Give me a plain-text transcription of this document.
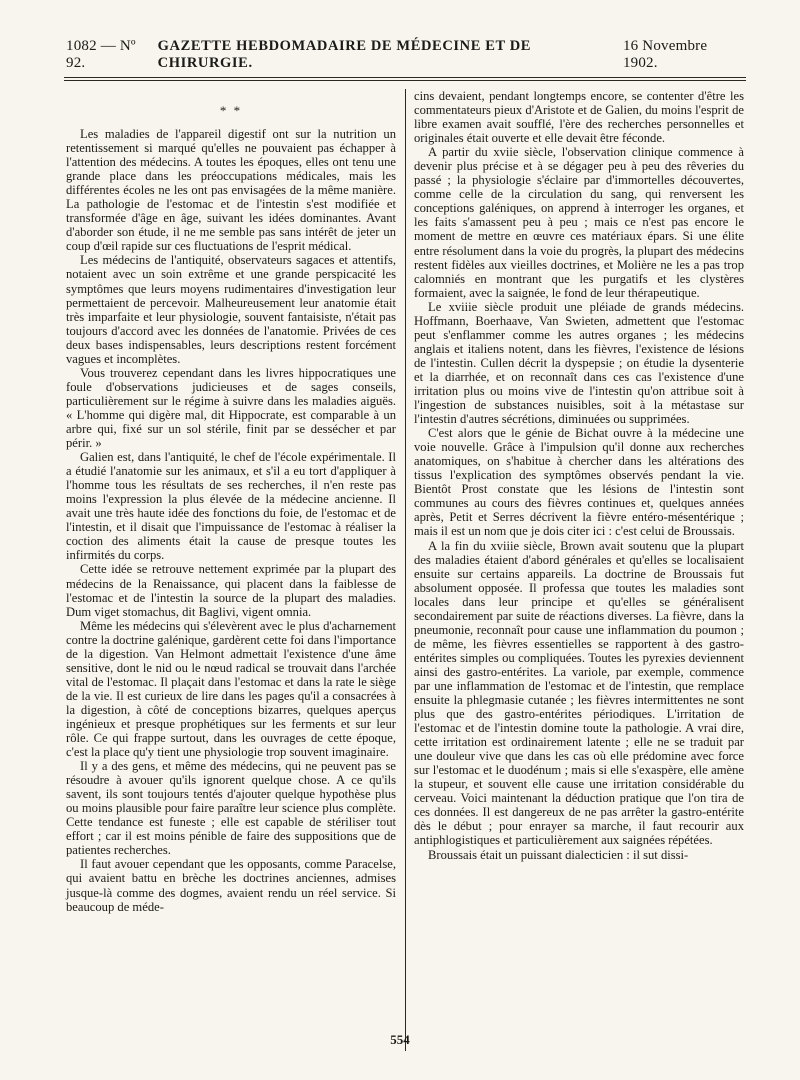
1082 — Nº 92.
GAZETTE HEBDOMADAIRE DE MÉDECINE ET DE CHIRURGIE.
16 Novembre 1902.
* *

Les maladies de l'appareil digestif ont sur la nutrition un retentissement si marqué qu'elles ne pouvaient pas échapper à l'attention des médecins. A toutes les époques, elles ont tenu une grande place dans les préoccupations médicales, mais les différentes écoles ne les ont pas envisagées de la même manière. La pathologie de l'estomac et de l'intestin s'est modifiée et transformée d'âge en âge, suivant les idées dominantes. Avant d'aborder son étude, il ne me semble pas sans intérêt de jeter un coup d'œil rapide sur ces fluctuations de l'esprit médical.

Les médecins de l'antiquité, observateurs sagaces et attentifs, notaient avec un soin extrême et une grande perspicacité les symptômes que leurs moyens rudimentaires d'investigation leur permettaient de percevoir. Malheureusement leur anatomie était très imparfaite et leur physiologie, souvent fantaisiste, n'était pas toujours d'accord avec les données de l'anatomie. Privées de ces deux bases indispensables, leurs descriptions restent forcément vagues et incomplètes.

Vous trouverez cependant dans les livres hippocratiques une foule d'observations judicieuses et de sages conseils, particulièrement sur le régime à suivre dans les maladies aiguës. « L'homme qui digère mal, dit Hippocrate, est comparable à un arbre qui, fixé sur un sol stérile, finit par se dessécher et par périr. »

Galien est, dans l'antiquité, le chef de l'école expérimentale. Il a étudié l'anatomie sur les animaux, et s'il a eu tort d'appliquer à l'homme tous les résultats de ses recherches, il n'en reste pas moins l'expression la plus élevée de la médecine ancienne. Il avait une très haute idée des fonctions du foie, de l'estomac et de l'intestin, et il disait que l'impuissance de l'estomac à réaliser la coction des aliments était la cause de presque toutes les infirmités du corps.

Cette idée se retrouve nettement exprimée par la plupart des médecins de la Renaissance, qui placent dans la faiblesse de l'estomac et de l'intestin la source de la plupart des maladies. Dum viget stomachus, dit Baglivi, vigent omnia.

Même les médecins qui s'élevèrent avec le plus d'acharnement contre la doctrine galénique, gardèrent cette foi dans l'importance de la digestion. Van Helmont admettait l'existence d'une âme sensitive, dont le nid ou le nœud radical se trouvait dans l'archée vital de l'estomac. Il plaçait dans l'estomac et dans la rate le siège de la vie. Il est curieux de lire dans les pages qu'il a consacrées à la digestion, à côté de conceptions bizarres, quelques aperçus ingénieux et presque prophétiques sur les ferments et sur leur rôle. Ce qui frappe surtout, dans les ouvrages de cette époque, c'est la place qu'y tient une physiologie trop souvent imaginaire.

Il y a des gens, et même des médecins, qui ne peuvent pas se résoudre à avouer qu'ils ignorent quelque chose. A ce qu'ils savent, ils sont toujours tentés d'ajouter quelque hypothèse plus ou moins plausible pour faire paraître leur science plus complète. Cette tendance est funeste ; elle est capable de stériliser tout effort ; car il est moins pénible de faire des suppositions que de patientes recherches.

Il faut avouer cependant que les opposants, comme Paracelse, qui avaient battu en brèche les doctrines anciennes, admises jusque-là comme des dogmes, avaient rendu un réel service. Si beaucoup de méde-

cins devaient, pendant longtemps encore, se contenter d'être les commentateurs pieux d'Aristote et de Galien, du moins l'esprit de libre examen avait soufflé, l'ère des recherches personnelles et originales était ouverte et elle devait être féconde.

A partir du xviie siècle, l'observation clinique commence à devenir plus précise et à se dégager peu à peu des rêveries du passé ; la physiologie s'éclaire par d'immortelles découvertes, comme celle de la circulation du sang, qui renversent les conceptions galéniques, on apprend à interroger les organes, et les faits s'amassent peu à peu ; mais ce n'est pas encore le moment de mettre en œuvre ces matériaux épars. Si une élite entre résolument dans la voie du progrès, la plupart des médecins restent fidèles aux vieilles doctrines, et Molière ne les a pas trop calomniés en montrant que les purgatifs et les clystères formaient, avec la saignée, le fond de leur thérapeutique.

Le xviiie siècle produit une pléiade de grands médecins. Hoffmann, Boerhaave, Van Swieten, admettent que l'estomac peut s'enflammer comme les autres organes ; les médecins anglais et italiens notent, dans les fièvres, l'existence de lésions de l'intestin. Cullen décrit la dyspepsie ; on étudie la dysenterie et la diarrhée, et on reconnaît dans ces cas l'existence d'une irritation plus ou moins vive de l'intestin qu'on attribue soit à l'ingestion de substances nuisibles, soit à la métastase sur l'intestin d'autres sécrétions, diminuées ou supprimées.

C'est alors que le génie de Bichat ouvre à la médecine une voie nouvelle. Grâce à l'impulsion qu'il donne aux recherches anatomiques, on s'habitue à chercher dans les altérations des tissus l'explication des symptômes observés pendant la vie. Bientôt Prost constate que les lésions de l'intestin sont communes au cours des fièvres continues et, quelques années après, Petit et Serres décrivent la fièvre entéro-mésentérique ; mais il est un nom que je dois citer ici : c'est celui de Broussais.

A la fin du xviiie siècle, Brown avait soutenu que la plupart des maladies étaient d'abord générales et qu'elles se localisaient ensuite sur certains appareils. La doctrine de Broussais fut absolument opposée. Il professa que toutes les maladies sont locales dans leur principe et qu'elles se généralisent secondairement par suite de réactions diverses. La fièvre, dans la pneumonie, reconnaît pour cause une inflammation du poumon ; de même, les fièvres essentielles se rapportent à des gastro-entérites simples ou compliquées. Toutes les pyrexies deviennent ainsi des gastro-entérites. La variole, par exemple, commence par une inflammation de l'estomac et de l'intestin, que remplace ensuite la phlegmasie cutanée ; les fièvres intermittentes ne sont plus que des gastro-entérites périodiques. L'irritation de l'estomac et de l'intestin domine toute la pathologie. A vrai dire, cette irritation est ordinairement latente ; elle ne se traduit par une douleur vive que dans les cas où elle prédomine avec force sur l'estomac et le duodénum ; mais si elle s'exaspère, elle amène la stupeur, et souvent elle cause une irritation considérable du cerveau. Voici maintenant la déduction pratique que l'on tira de ces données. Il est dangereux de ne pas arrêter la gastro-entérite dès le début ; pour enrayer sa marche, il faut recourir aux antiphlogistiques et particulièrement aux saignées répétées.

Broussais était un puissant dialecticien : il sut dissi-

554
